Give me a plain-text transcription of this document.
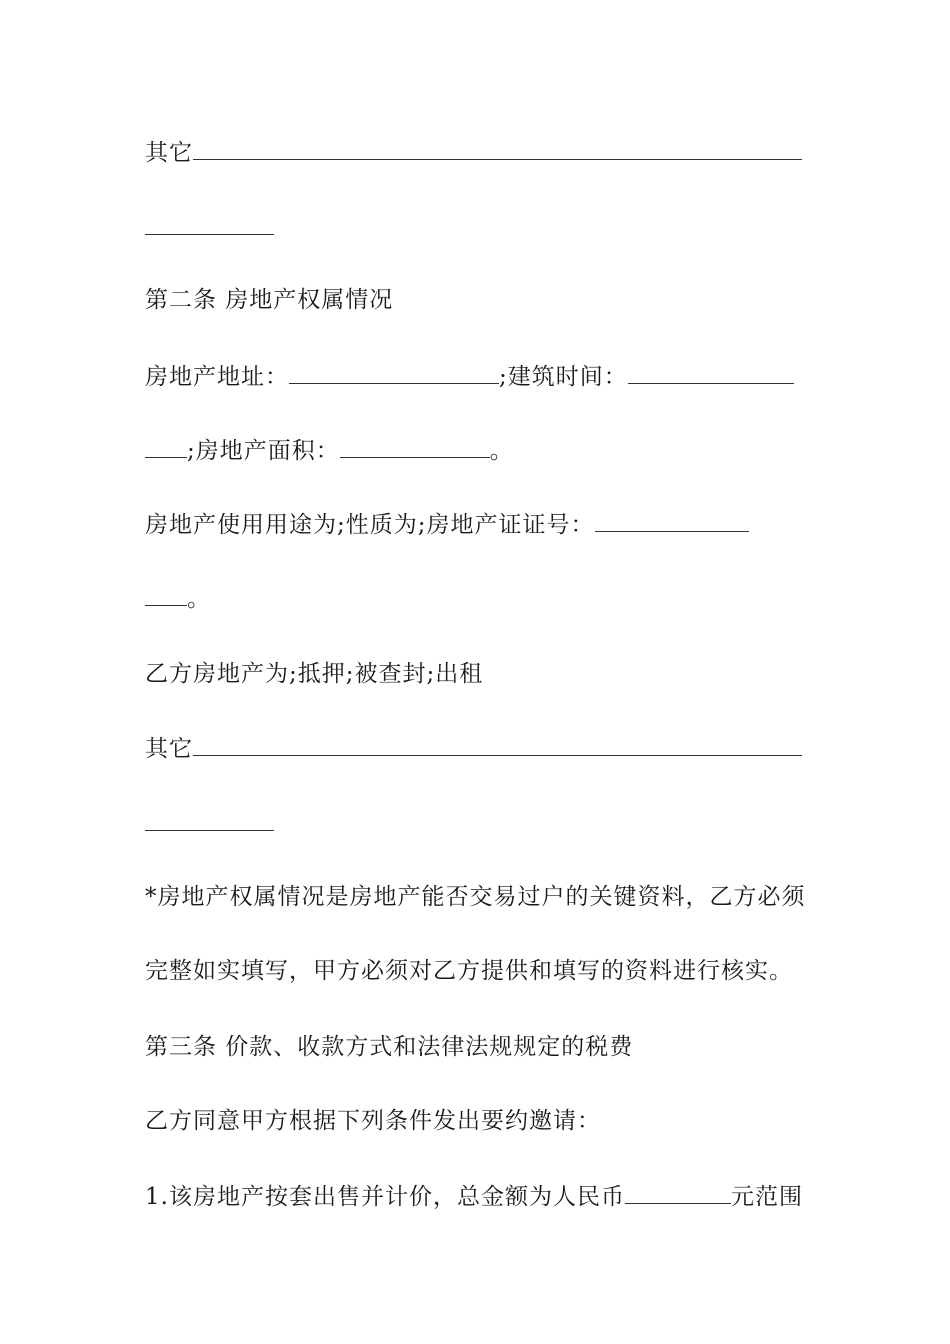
其它
第二条 房地产权属情况
房地产地址：	;建筑时间：
;房地产面积：	。
房地产使用用途为;性质为;房地产证证号：
。
乙方房地产为;抵押;被查封;出租
其它
*房地产权属情况是房地产能否交易过户的关键资料，乙方必须
完整如实填写，甲方必须对乙方提供和填写的资料进行核实。
第三条 价款、收款方式和法律法规规定的税费
乙方同意甲方根据下列条件发出要约邀请：
1.该房地产按套出售并计价，总金额为人民币	元范围
